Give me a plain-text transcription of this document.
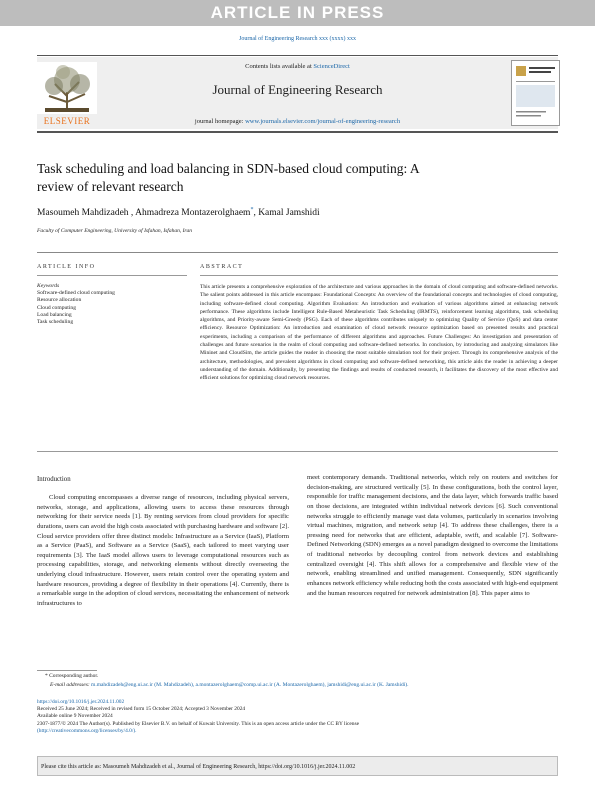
ARTICLE IN PRESS
Journal of Engineering Research xxx (xxxx) xxx
ELSEVIER
Contents lists available at ScienceDirect
Journal of Engineering Research
journal homepage: www.journals.elsevier.com/journal-of-engineering-research
Task scheduling and load balancing in SDN-based cloud computing: A review of relevant research
Masoumeh Mahdizadeh , Ahmadreza Montazerolghaem*, Kamal Jamshidi
Faculty of Computer Engineering, University of Isfahan, Isfahan, Iran
ARTICLE INFO	ABSTRACT
Keywords
Software-defined cloud computing
Resource allocation
Cloud computing
Load balancing
Task scheduling
This article presents a comprehensive exploration of the architecture and various approaches in the domain of cloud computing and software-defined networks. The salient points addressed in this article encompass: Foundational Concepts: An overview of the foundational concepts and technologies of cloud computing, including software-defined cloud computing. Algorithm Evaluation: An introduction and evaluation of various algorithms aimed at enhancing network performance. These algorithms include Intelligent Rule-Based Metaheuristic Task Scheduling (IRMTS), reinforcement learning algorithms, task scheduling algorithms, and Priority-aware Semi-Greedy (PSG). Each of these algorithms contributes uniquely to optimizing Quality of Service (QoS) and data center efficiency. Resource Optimization: An introduction and examination of cloud network resource optimization based on presented results and practical experiments, including a comparison of the performance of different algorithms and approaches. Future Challenges: An investigation and presentation of challenges and future scenarios in the realm of cloud computing and software-defined networks. In conclusion, by introducing and analyzing simulators like Mininet and CloudSim, the article guides the reader in choosing the most suitable simulation tool for their project. Through its comprehensive analysis of the architecture, methodologies, and prevalent algorithms in cloud computing and software-defined networking, this article aids the reader in achieving a deeper understanding of the domain. Additionally, by presenting the findings and results of conducted research, it facilitates the discovery of the most effective and efficient solutions for optimizing cloud network resources.
Introduction

Cloud computing encompasses a diverse range of resources, including physical servers, networks, storage, and applications, allowing users to access these resources through networking for their service needs [1]. By renting services from cloud providers for specific durations, users can avoid the high costs associated with purchasing hardware and software [2]. Cloud service providers offer three distinct models: Infrastructure as a Service (IaaS), Platform as a Service (PaaS), and Software as a Service (SaaS), each tailored to meet varying user requirements [3]. The IaaS model allows users to leverage computational resources such as processing capabilities, storage, and networking elements without directly overseeing the underlying cloud infrastructure. However, users retain control over the operating system and hardware resources, providing a degree of flexibility in their operations [4]. Currently, there is a remarkable surge in the adoption of cloud services, necessitating the enhancement of network infrastructures to

meet contemporary demands. Traditional networks, which rely on routers and switches for decision-making, are structured vertically [5]. In these configurations, both the control layer, responsible for traffic management decisions, and the data layer, which forwards traffic based on those decisions, are integrated within individual network devices [6]. Such conventional networks struggle to efficiently manage vast data volumes, particularly in scenarios involving virtual machines, migration, and network setup [4]. To address these challenges, there is a pressing need for networks that are efficient, adaptable, swift, and scalable [7]. Software-Defined Networking (SDN) emerges as a novel paradigm designed to overcome the limitations of traditional networks by decoupling control from network devices and establishing centralized oversight [4]. This shift allows for a comprehensive and flexible view of the network, enabling streamlined and unified management. Consequently, SDN significantly enhances network efficiency while reducing both the costs associated with high-end equipment and the human resources required for network administration [8]. This paper aims to

* Corresponding author.
E-mail addresses: m.mahdizadeh@eng.ui.ac.ir (M. Mahdizadeh), a.montazerolghaem@comp.ui.ac.ir (A. Montazerolghaem), jamshidi@eng.ui.ac.ir (K. Jamshidi).
https://doi.org/10.1016/j.jer.2024.11.002
Received 25 June 2024; Received in revised form 15 October 2024; Accepted 3 November 2024
Available online 9 November 2024
2307-1877/© 2024 The Author(s). Published by Elsevier B.V. on behalf of Kuwait University. This is an open access article under the CC BY license
(http://creativecommons.org/licenses/by/4.0/).
Please cite this article as: Masoumeh Mahdizadeh et al., Journal of Engineering Research, https://doi.org/10.1016/j.jer.2024.11.002
